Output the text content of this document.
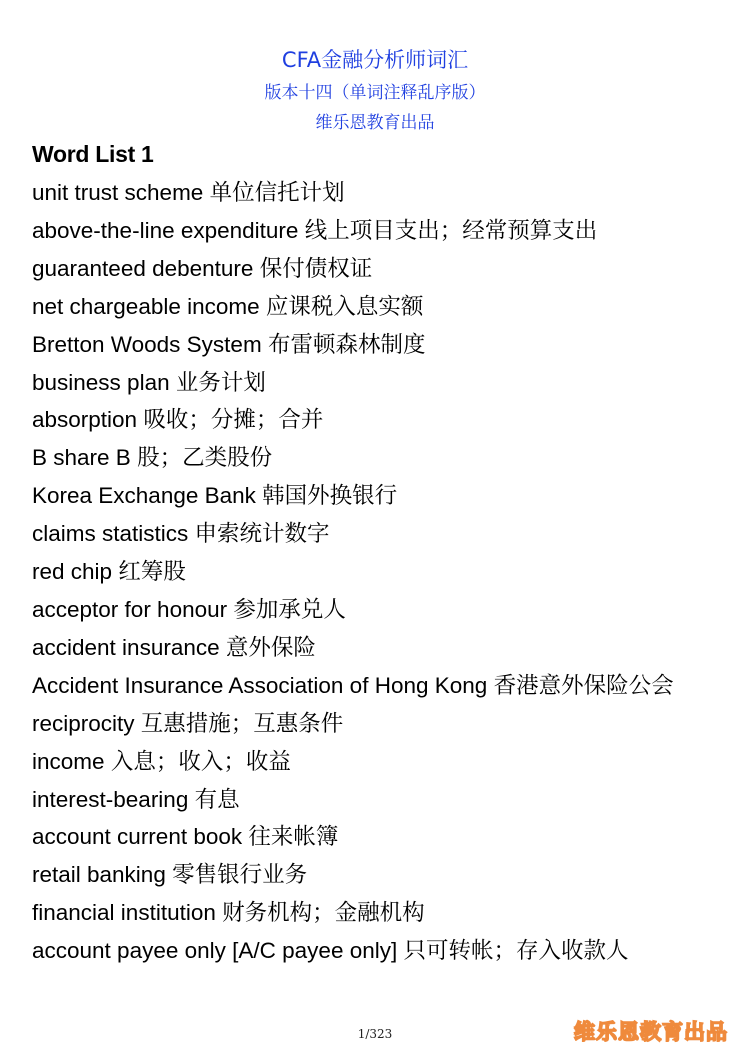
CFA金融分析师词汇
版本十四（单词注释乱序版）
维乐恩教育出品
Word List 1
unit trust scheme 单位信托计划
above-the-line expenditure 线上项目支出；经常预算支出
guaranteed debenture 保付债权证
net chargeable income 应课税入息实额
Bretton Woods System 布雷顿森林制度
business plan 业务计划
absorption 吸收；分摊；合并
B share B 股；乙类股份
Korea Exchange Bank 韩国外换银行
claims statistics 申索统计数字
red chip 红筹股
acceptor for honour 参加承兑人
accident insurance 意外保险
Accident Insurance Association of Hong Kong 香港意外保险公会
reciprocity 互惠措施；互惠条件
income 入息；收入；收益
interest-bearing 有息
account current book 往来帐簿
retail banking 零售银行业务
financial institution 财务机构；金融机构
account payee only [A/C payee only] 只可转帐；存入收款人
1/323	维乐恩教育出品
